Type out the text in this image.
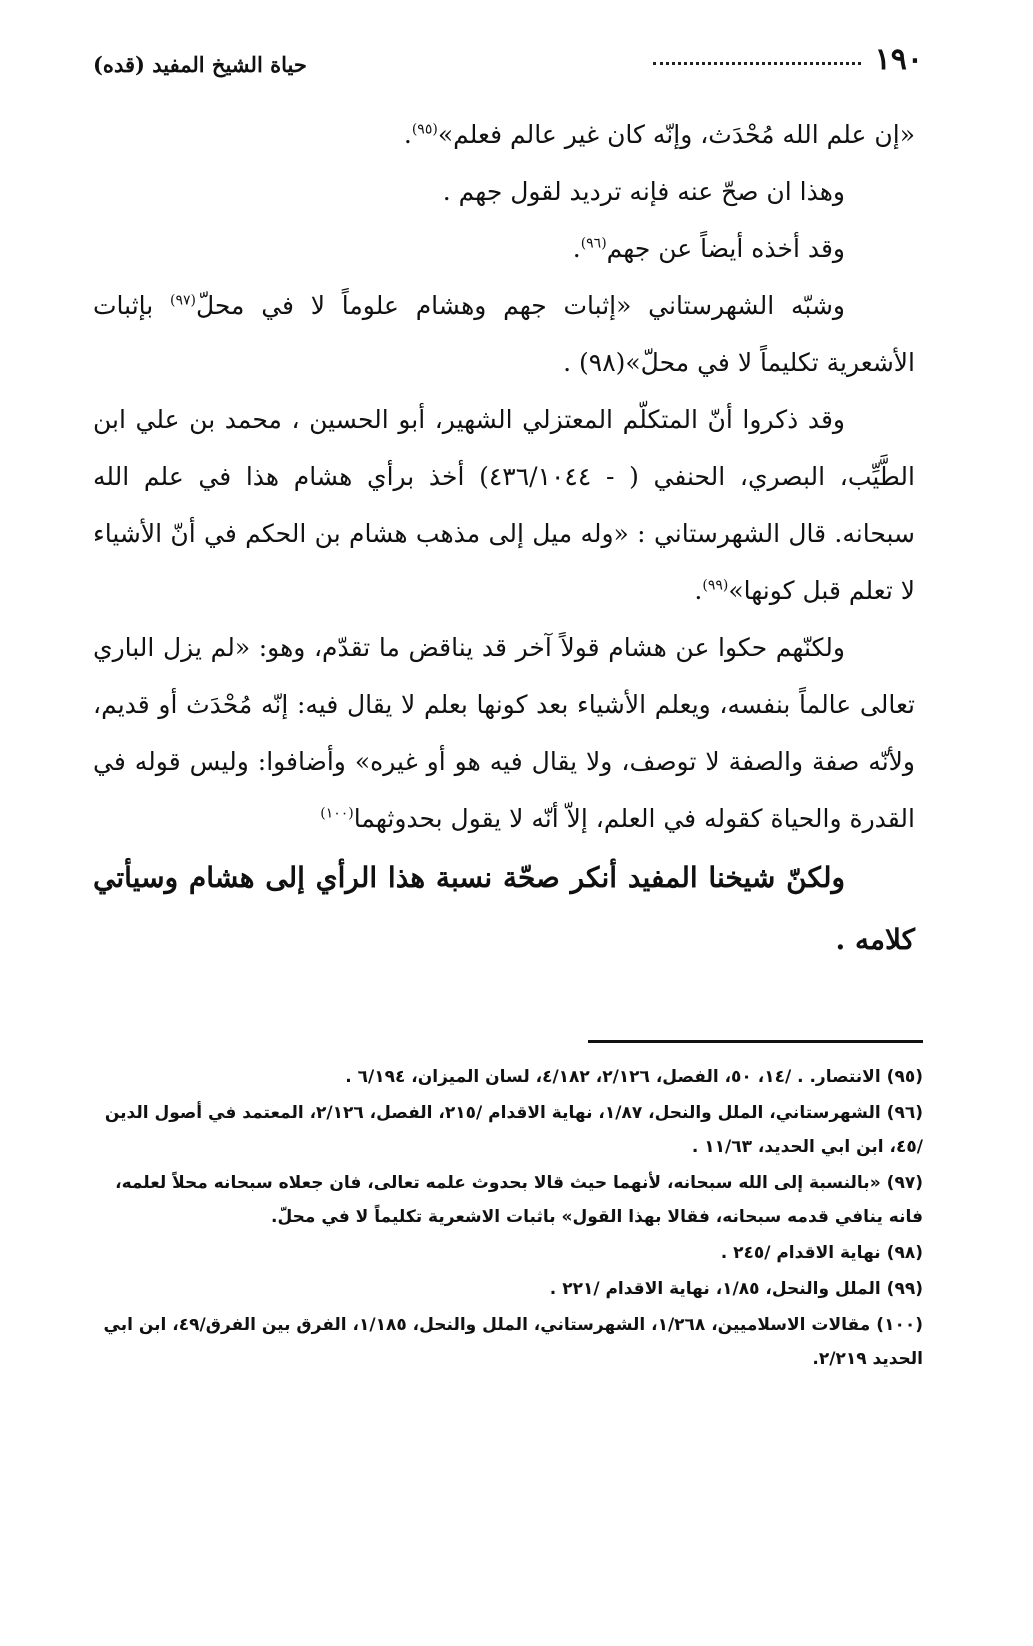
١٩٠
حياة الشيخ المفيد (قده)

«إن علم الله مُحْدَث، وإنّه كان غير عالم فعلم»$^{(٩٥)}$.

وهذا ان صحّ عنه فإنه ترديد لقول جهم .

وقد أخذه أيضاً عن جهم$^{(٩٦)}$.

وشبّه الشهرستاني «إثبات جهم وهشام علوماً لا في محلّ$^{(٩٧)}$ بإثبات الأشعرية تكليماً لا في محلّ»(٩٨) .

وقد ذكروا أنّ المتكلّم المعتزلي الشهير، أبو الحسين ، محمد بن علي ابن الطَّيِّب، البصري، الحنفي ( - ٤٣٦/١٠٤٤) أخذ برأي هشام هذا في علم الله سبحانه. قال الشهرستاني : «وله ميل إلى مذهب هشام بن الحكم في أنّ الأشياء لا تعلم قبل كونها»$^{(٩٩)}$.

ولكنّهم حكوا عن هشام قولاً آخر قد يناقض ما تقدّم، وهو: «لم يزل الباري تعالى عالماً بنفسه، ويعلم الأشياء بعد كونها بعلم لا يقال فيه: إنّه مُحْدَث أو قديم، ولأنّه صفة والصفة لا توصف، ولا يقال فيه هو أو غيره» وأضافوا: وليس قوله في القدرة والحياة كقوله في العلم، إلاّ أنّه لا يقول بحدوثهما$^{(١٠٠)}$

ولكنّ شيخنا المفيد أنكر صحّة نسبة هذا الرأي إلى هشام وسيأتي كلامه .

(٩٥)الانتصار. . /١٤، ٥٠، الفصل، ٢/١٢٦، ٤/١٨٢، لسان الميزان، ٦/١٩٤ .
(٩٦)الشهرستاني، الملل والنحل، ١/٨٧، نهاية الاقدام /٢١٥، الفصل، ٢/١٢٦، المعتمد في أصول الدين /٤٥، ابن ابي الحديد، ١١/٦٣ .
(٩٧)«بالنسبة إلى الله سبحانه، لأنهما حيث قالا بحدوث علمه تعالى، فان جعلاه سبحانه محلاً لعلمه، فانه ينافي قدمه سبحانه، فقالا بهذا القول» باثبات الاشعرية تكليماً لا في محلّ.
(٩٨)نهاية الاقدام /٢٤٥ .
(٩٩)الملل والنحل، ١/٨٥، نهاية الاقدام /٢٢١ .
(١٠٠)مقالات الاسلاميين، ١/٢٦٨، الشهرستاني، الملل والنحل، ١/١٨٥، الفرق بين الفرق/٤٩، ابن ابي الحديد ٢/٢١٩.
